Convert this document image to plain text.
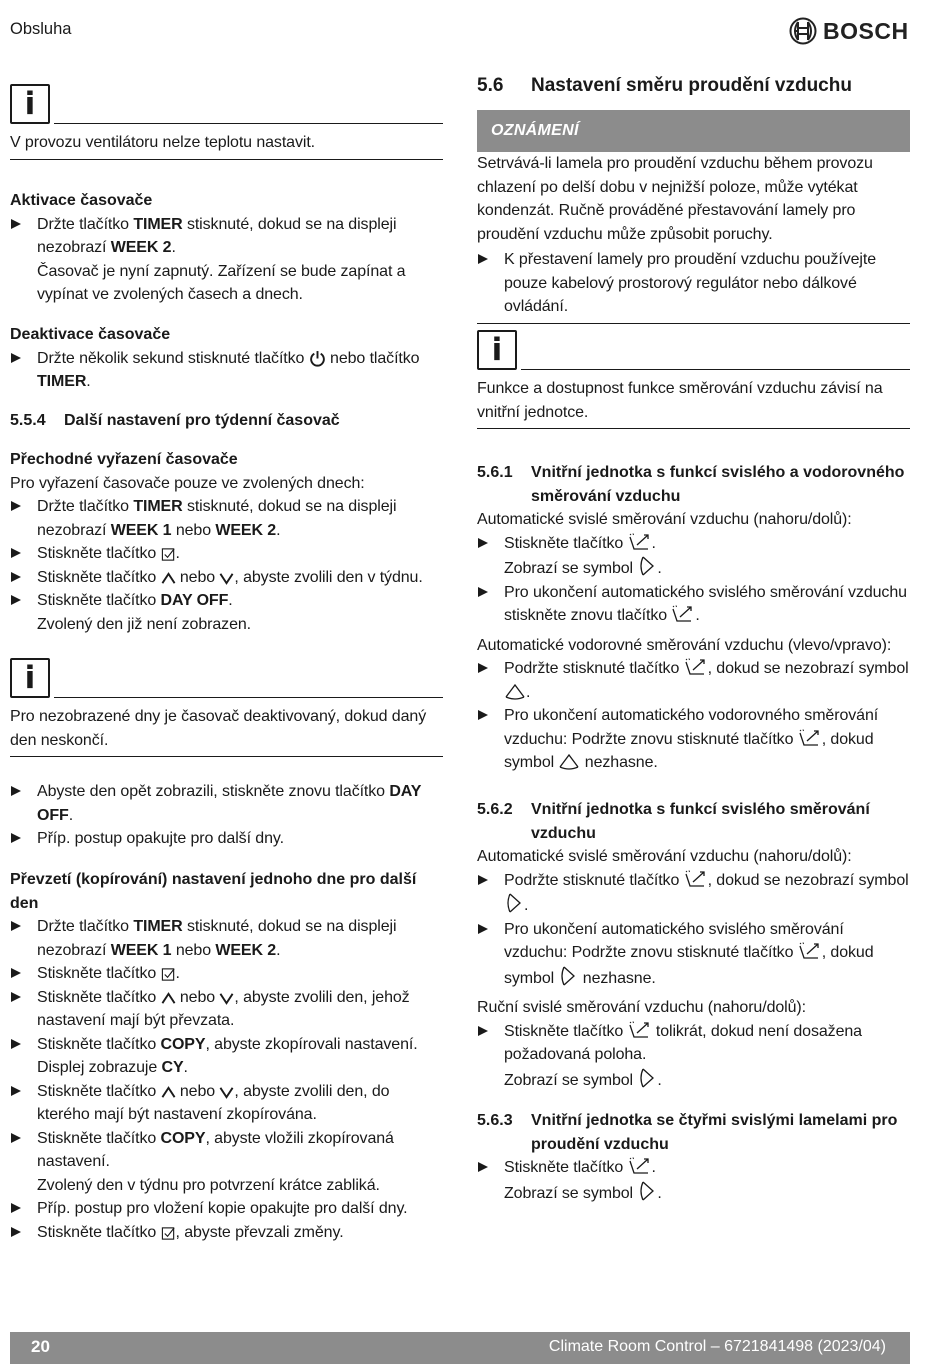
Obsluha	BOSCH
i

V provozu ventilátoru nelze teplotu nastavit.

Aktivace časovače
Držte tlačítko TIMER stisknuté, dokud se na displeji nezobrazí WEEK 2.
Časovač je nyní zapnutý. Zařízení se bude zapínat a vypínat ve zvolených časech a dnech.
Deaktivace časovače
Držte několik sekund stisknuté tlačítko  nebo tlačítko TIMER.
5.5.4	Další nastavení pro týdenní časovač
Přechodné vyřazení časovače

Pro vyřazení časovače pouze ve zvolených dnech:

Držte tlačítko TIMER stisknuté, dokud se na displeji nezobrazí WEEK 1 nebo WEEK 2.
Stiskněte tlačítko .
Stiskněte tlačítko  nebo , abyste zvolili den v týdnu.
Stiskněte tlačítko DAY OFF.
Zvolený den již není zobrazen.
i

Pro nezobrazené dny je časovač deaktivovaný, dokud daný den neskončí.

Abyste den opět zobrazili, stiskněte znovu tlačítko DAY OFF.
Příp. postup opakujte pro další dny.
Převzetí (kopírování) nastavení jednoho dne pro další den
Držte tlačítko TIMER stisknuté, dokud se na displeji nezobrazí WEEK 1 nebo WEEK 2.
Stiskněte tlačítko .
Stiskněte tlačítko  nebo , abyste zvolili den, jehož nastavení mají být převzata.
Stiskněte tlačítko COPY, abyste zkopírovali nastavení.
Displej zobrazuje CY.
Stiskněte tlačítko  nebo , abyste zvolili den, do kterého mají být nastavení zkopírována.
Stiskněte tlačítko COPY, abyste vložili zkopírovaná nastavení.
Zvolený den v týdnu pro potvrzení krátce zabliká.
Příp. postup pro vložení kopie opakujte pro další dny.
Stiskněte tlačítko , abyste převzali změny.
5.6	Nastavení směru proudění vzduchu
OZNÁMENÍ

Setrvává-li lamela pro proudění vzduchu během provozu chlazení po delší dobu v nejnižší poloze, může vytékat kondenzát. Ručně prováděné přestavování lamely pro proudění vzduchu může způsobit poruchy.

K přestavení lamely pro proudění vzduchu používejte pouze kabelový prostorový regulátor nebo dálkové ovládání.
i

Funkce a dostupnost funkce směrování vzduchu závisí na vnitřní jednotce.

5.6.1	Vnitřní jednotka s funkcí svislého a vodorovného směrování vzduchu

Automatické svislé směrování vzduchu (nahoru/dolů):

Stiskněte tlačítko .
Zobrazí se symbol .
Pro ukončení automatického svislého směrování vzduchu stiskněte znovu tlačítko .

Automatické vodorovné směrování vzduchu (vlevo/vpravo):

Podržte stisknuté tlačítko , dokud se nezobrazí symbol .
Pro ukončení automatického vodorovného směrování vzduchu: Podržte znovu stisknuté tlačítko , dokud symbol  nezhasne.
5.6.2	Vnitřní jednotka s funkcí svislého směrování vzduchu

Automatické svislé směrování vzduchu (nahoru/dolů):

Podržte stisknuté tlačítko , dokud se nezobrazí symbol .
Pro ukončení automatického svislého směrování vzduchu: Podržte znovu stisknuté tlačítko , dokud symbol  nezhasne.

Ruční svislé směrování vzduchu (nahoru/dolů):

Stiskněte tlačítko  tolikrát, dokud není dosažena požadovaná poloha.
Zobrazí se symbol .
5.6.3	Vnitřní jednotka se čtyřmi svislými lamelami pro proudění vzduchu
Stiskněte tlačítko .
Zobrazí se symbol .
20	Climate Room Control – 6721841498 (2023/04)
